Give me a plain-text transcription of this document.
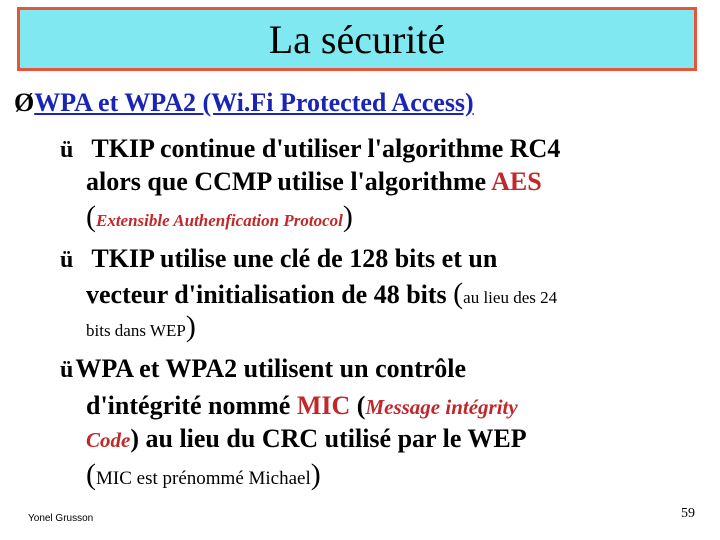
La sécurité
ØWPA et WPA2 (Wi.Fi Protected Access)
ü TKIP continue d'utiliser l'algorithme RC4
alors que CCMP utilise l'algorithme AES
(Extensible Authenfication Protocol)
ü TKIP utilise une clé de 128 bits et un
vecteur d'initialisation de 48 bits (au lieu des 24
bits dans WEP)
üWPA et WPA2 utilisent un contrôle
d'intégrité nommé MIC (Message intégrity
Code) au lieu du CRC utilisé par le WEP
(MIC est prénommé Michael)
Yonel Grusson	59
